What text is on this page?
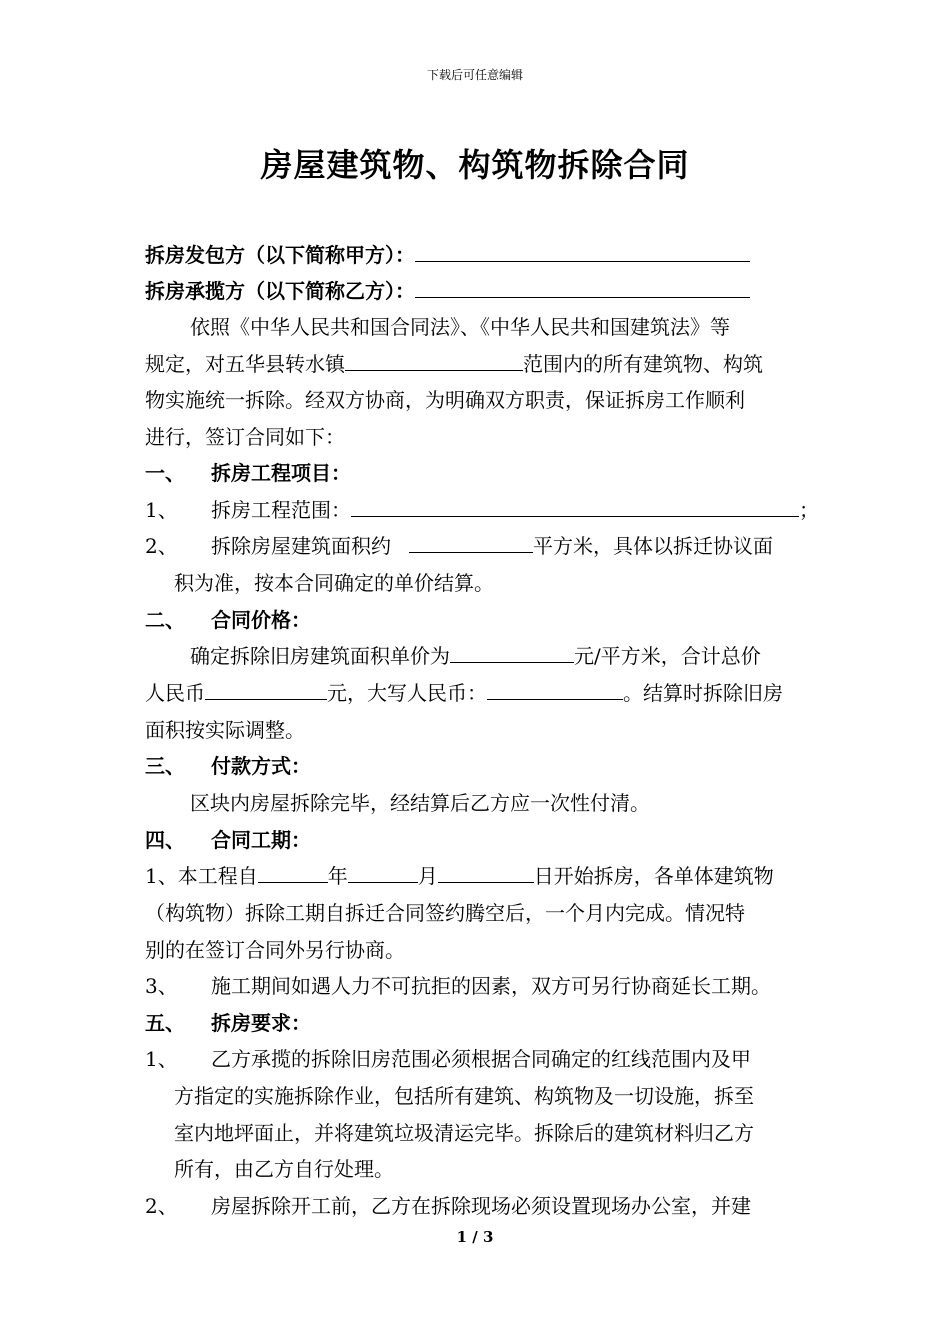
下载后可任意编辑
房屋建筑物、构筑物拆除合同
拆房发包方（以下简称甲方）：
拆房承揽方（以下简称乙方）：
依照《中华人民共和国合同法》、《中华人民共和国建筑法》等
规定，对五华县转水镇	范围内的所有建筑物、构筑
物实施统一拆除。经双方协商，为明确双方职责，保证拆房工作顺利
进行，签订合同如下：
一、 拆房工程项目：
1、 拆房工程范围：	；
2、 拆除房屋建筑面积约	平方米，具体以拆迁协议面
积为准，按本合同确定的单价结算。
二、 合同价格：
确定拆除旧房建筑面积单价为	元/平方米，合计总价
人民币	元，大写人民币：	。结算时拆除旧房
面积按实际调整。
三、 付款方式：
区块内房屋拆除完毕，经结算后乙方应一次性付清。
四、 合同工期：
1、本工程自	年	月	日开始拆房，各单体建筑物
（构筑物）拆除工期自拆迁合同签约腾空后，一个月内完成。情况特
别的在签订合同外另行协商。
3、 施工期间如遇人力不可抗拒的因素，双方可另行协商延长工期。
五、 拆房要求：
1、 乙方承揽的拆除旧房范围必须根据合同确定的红线范围内及甲
方指定的实施拆除作业，包括所有建筑、构筑物及一切设施，拆至
室内地坪面止，并将建筑垃圾清运完毕。拆除后的建筑材料归乙方
所有，由乙方自行处理。
2、 房屋拆除开工前，乙方在拆除现场必须设置现场办公室，并建
1 / 3
